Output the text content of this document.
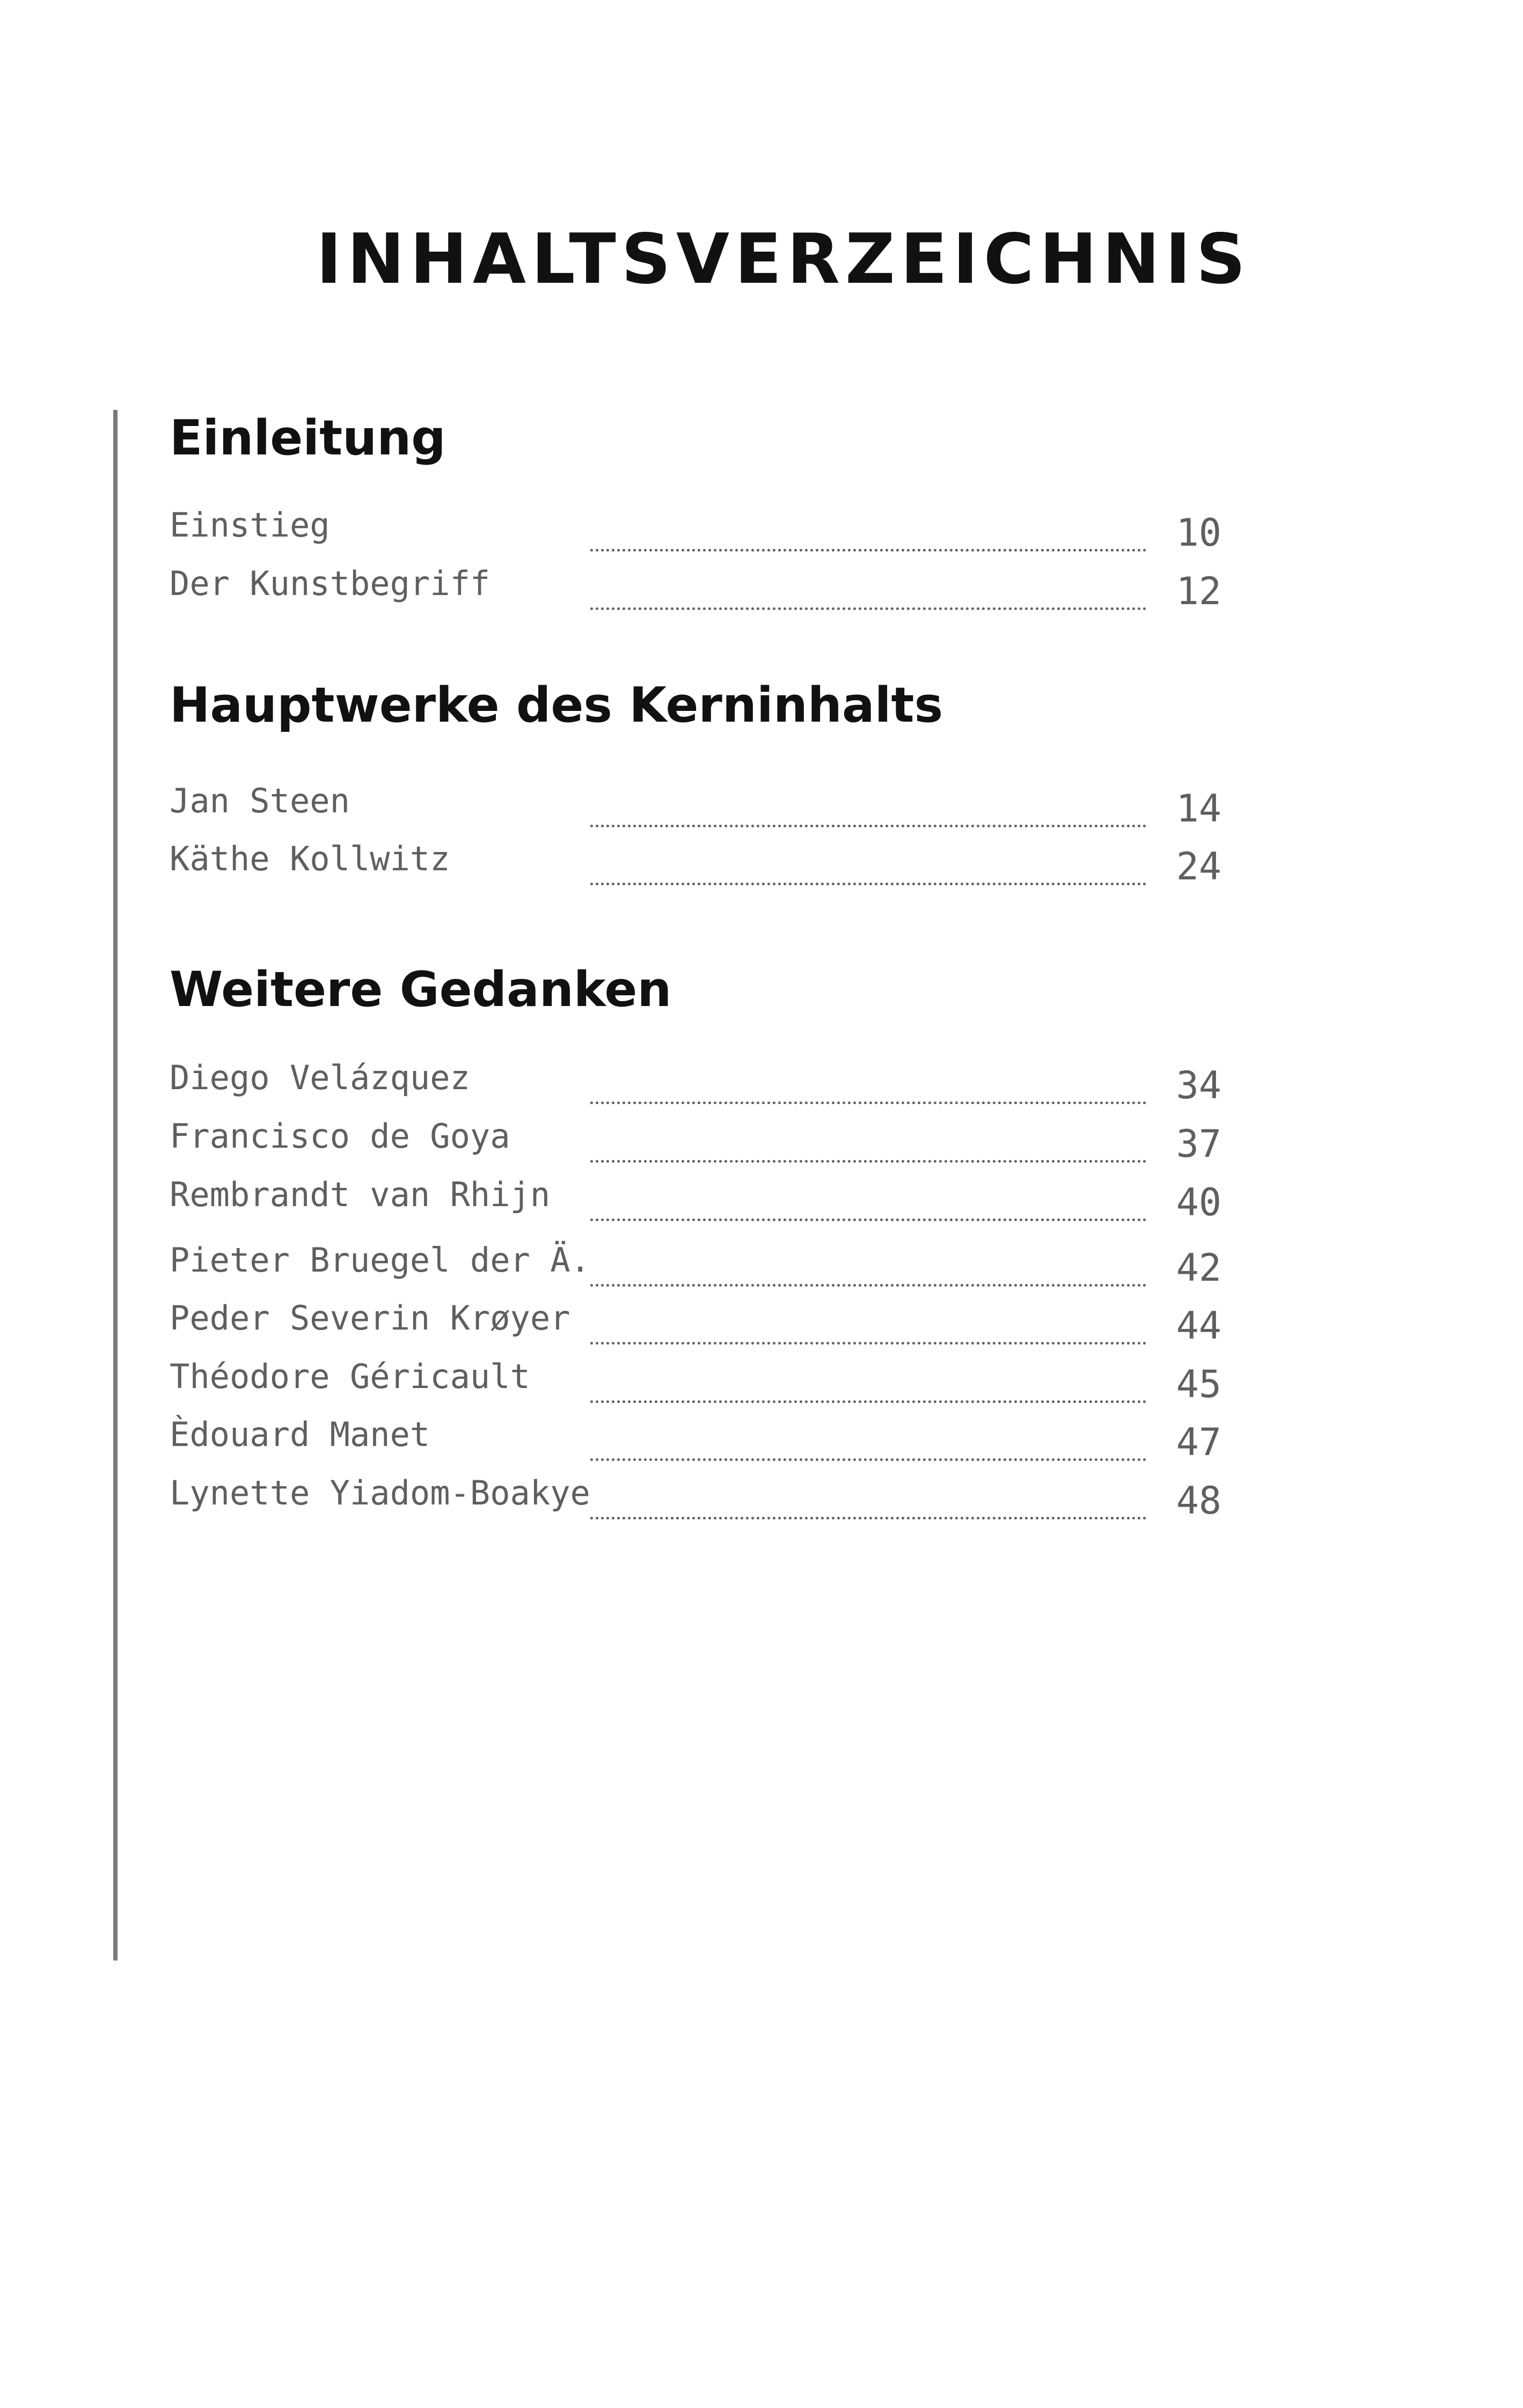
INHALTSVERZEICHNIS
Einleitung
Einstieg	10
Der Kunstbegriff	12
Hauptwerke des Kerninhalts
Jan Steen	14
Käthe Kollwitz	24
Weitere Gedanken
Diego Velázquez	34
Francisco de Goya	37
Rembrandt van Rhijn	40
Pieter Bruegel der Ä.	42
Peder Severin Krøyer	44
Théodore Géricault	45
Èdouard Manet	47
Lynette Yiadom-Boakye	48
